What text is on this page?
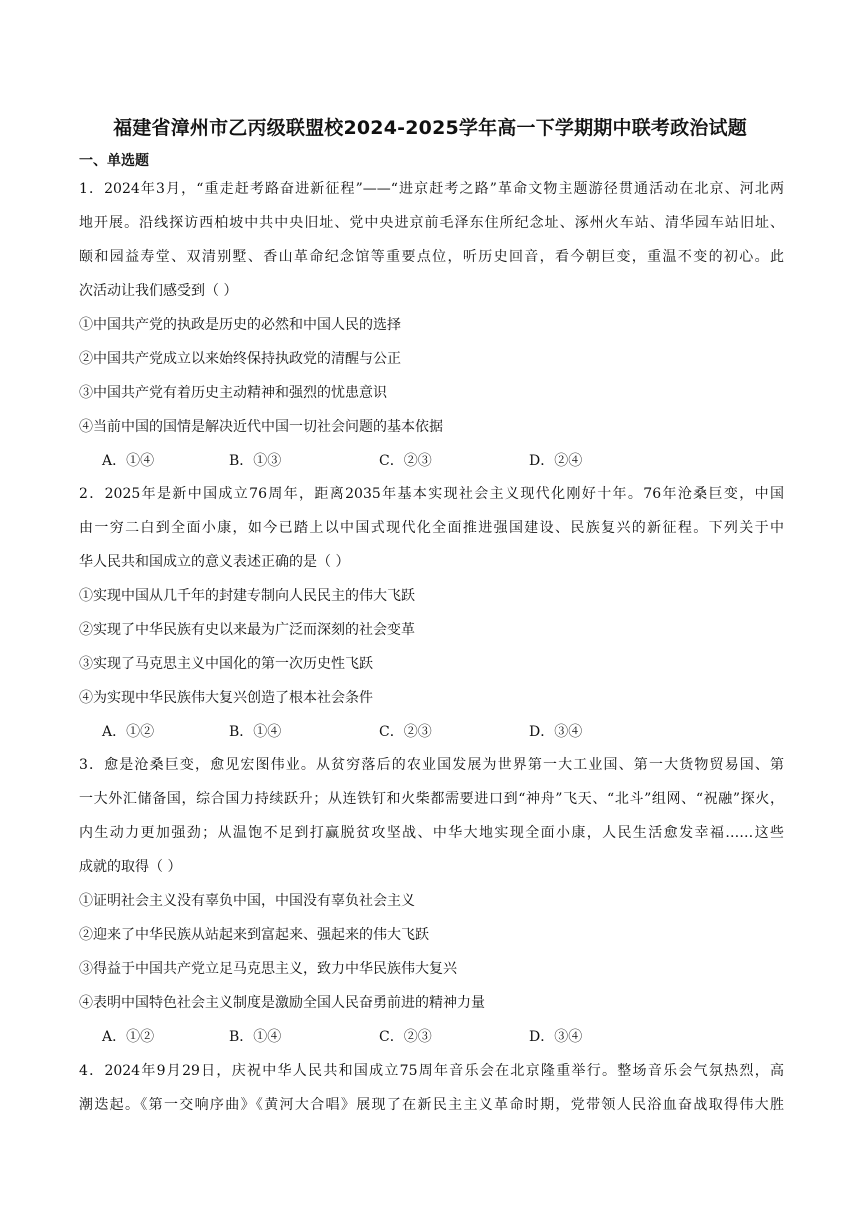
福建省漳州市乙丙级联盟校2024-2025学年高一下学期期中联考政治试题
一、单选题
1．2024年3月，“重走赶考路奋进新征程”——“进京赶考之路”革命文物主题游径贯通活动在北京、河北两
地开展。沿线探访西柏坡中共中央旧址、党中央进京前毛泽东住所纪念址、涿州火车站、清华园车站旧址、
颐和园益寿堂、双清别墅、香山革命纪念馆等重要点位，听历史回音，看今朝巨变，重温不变的初心。此
次活动让我们感受到（ ）
①中国共产党的执政是历史的必然和中国人民的选择
②中国共产党成立以来始终保持执政党的清醒与公正
③中国共产党有着历史主动精神和强烈的忧患意识
④当前中国的国情是解决近代中国一切社会问题的基本依据
A．①④	B．①③	C．②③	D．②④
2．2025年是新中国成立76周年，距离2035年基本实现社会主义现代化刚好十年。76年沧桑巨变，中国
由一穷二白到全面小康，如今已踏上以中国式现代化全面推进强国建设、民族复兴的新征程。下列关于中
华人民共和国成立的意义表述正确的是（ ）
①实现中国从几千年的封建专制向人民民主的伟大飞跃
②实现了中华民族有史以来最为广泛而深刻的社会变革
③实现了马克思主义中国化的第一次历史性飞跃
④为实现中华民族伟大复兴创造了根本社会条件
A．①②	B．①④	C．②③	D．③④
3．愈是沧桑巨变，愈见宏图伟业。从贫穷落后的农业国发展为世界第一大工业国、第一大货物贸易国、第
一大外汇储备国，综合国力持续跃升；从连铁钉和火柴都需要进口到“神舟”飞天、“北斗”组网、“祝融”探火，
内生动力更加强劲；从温饱不足到打赢脱贫攻坚战、中华大地实现全面小康，人民生活愈发幸福……这些
成就的取得（ ）
①证明社会主义没有辜负中国，中国没有辜负社会主义
②迎来了中华民族从站起来到富起来、强起来的伟大飞跃
③得益于中国共产党立足马克思主义，致力中华民族伟大复兴
④表明中国特色社会主义制度是激励全国人民奋勇前进的精神力量
A．①②	B．①④	C．②③	D．③④
4．2024年9月29日，庆祝中华人民共和国成立75周年音乐会在北京隆重举行。整场音乐会气氛热烈，高
潮迭起。《第一交响序曲》《黄河大合唱》展现了在新民主主义革命时期，党带领人民浴血奋战取得伟大胜
